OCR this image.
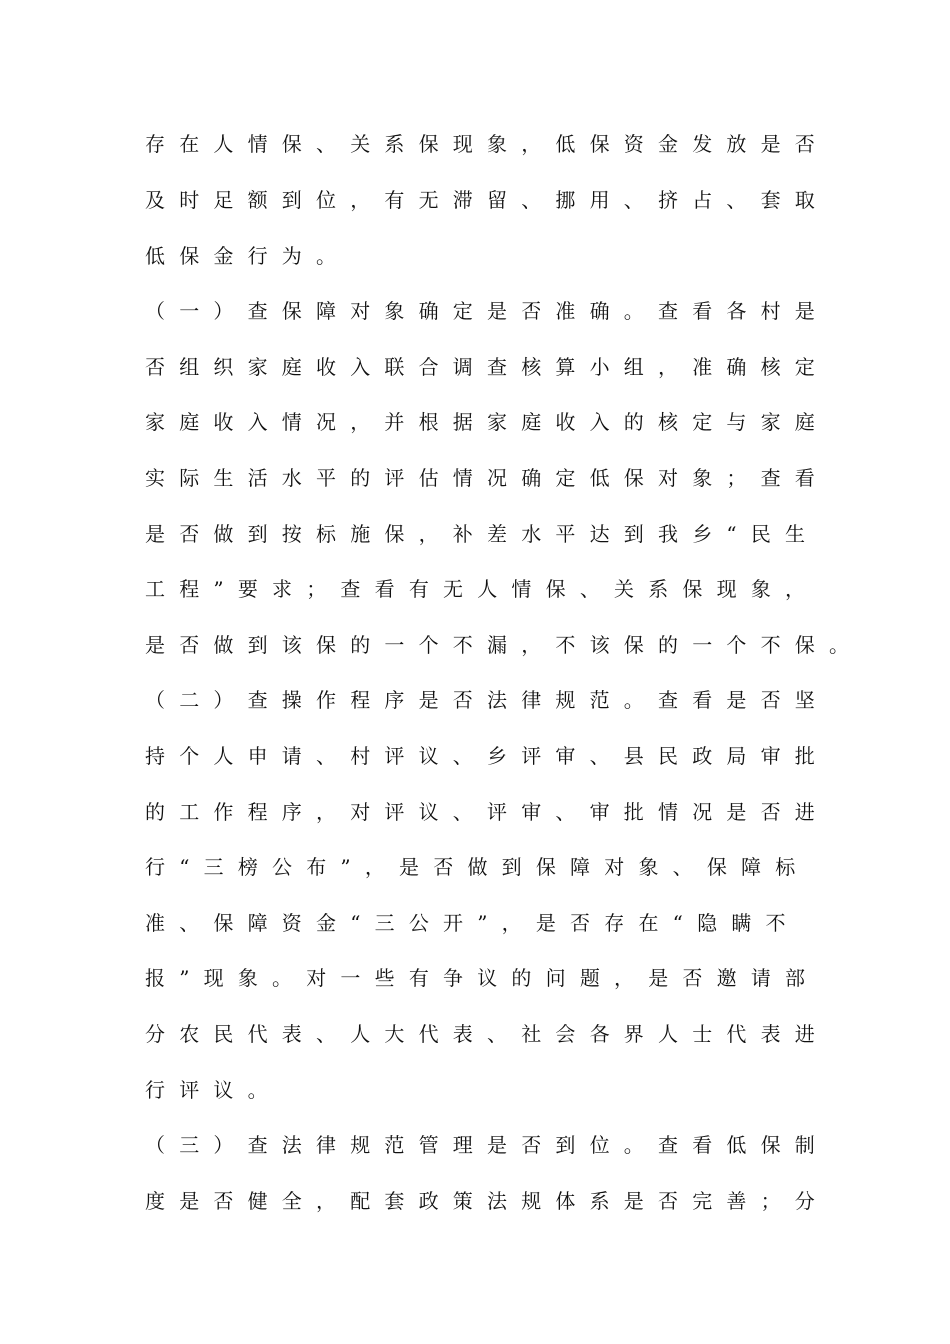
存在人情保、关系保现象，低保资金发放是否
及时足额到位，有无滞留、挪用、挤占、套取
低保金行为。
（一）查保障对象确定是否准确。查看各村是
否组织家庭收入联合调查核算小组，准确核定
家庭收入情况，并根据家庭收入的核定与家庭
实际生活水平的评估情况确定低保对象；查看
是否做到按标施保，补差水平达到我乡“民生
工程”要求；查看有无人情保、关系保现象，
是否做到该保的一个不漏，不该保的一个不保。
（二）查操作程序是否法律规范。查看是否坚
持个人申请、村评议、乡评审、县民政局审批
的工作程序，对评议、评审、审批情况是否进
行“三榜公布”，是否做到保障对象、保障标
准、保障资金“三公开”，是否存在“隐瞒不
报”现象。对一些有争议的问题，是否邀请部
分农民代表、人大代表、社会各界人士代表进
行评议。
（三）查法律规范管理是否到位。查看低保制
度是否健全，配套政策法规体系是否完善；分
